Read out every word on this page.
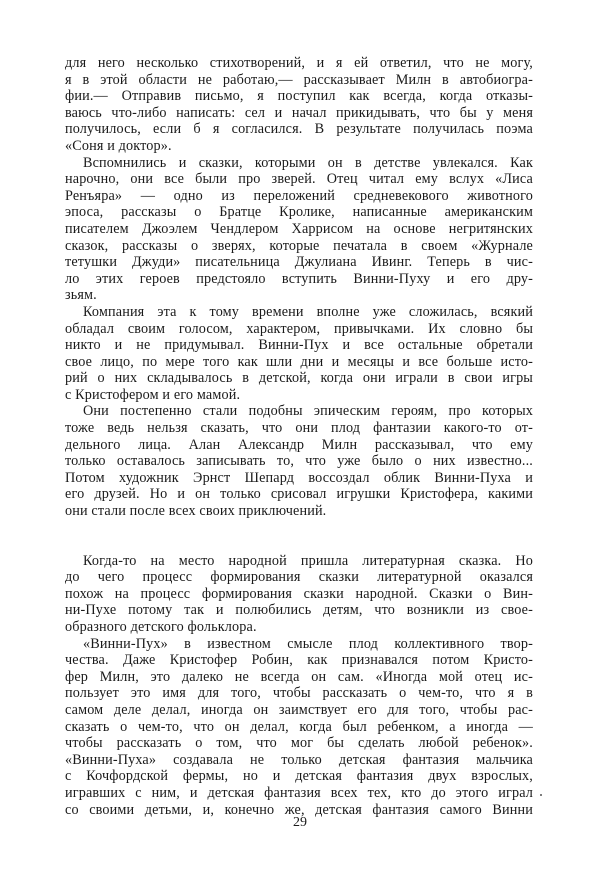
для него несколько стихотворений, и я ей ответил, что не могу,
я в этой области не работаю,— рассказывает Милн в автобиогра-
фии.— Отправив письмо, я поступил как всегда, когда отказы-
ваюсь что-либо написать: сел и начал прикидывать, что бы у меня
получилось, если б я согласился. В результате получилась поэма
«Соня и доктор».
Вспомнились и сказки, которыми он в детстве увлекался. Как
нарочно, они все были про зверей. Отец читал ему вслух «Лиса
Ренъяра» — одно из переложений средневекового животного
эпоса, рассказы о Братце Кролике, написанные американским
писателем Джоэлем Чендлером Харрисом на основе негритянских
сказок, рассказы о зверях, которые печатала в своем «Журнале
тетушки Джуди» писательница Джулиана Ивинг. Теперь в чис-
ло этих героев предстояло вступить Винни-Пуху и его дру-
зьям.
Компания эта к тому времени вполне уже сложилась, всякий
обладал своим голосом, характером, привычками. Их словно бы
никто и не придумывал. Винни-Пух и все остальные обретали
свое лицо, по мере того как шли дни и месяцы и все больше исто-
рий о них складывалось в детской, когда они играли в свои игры
с Кристофером и его мамой.
Они постепенно стали подобны эпическим героям, про которых
тоже ведь нельзя сказать, что они плод фантазии какого-то от-
дельного лица. Алан Александр Милн рассказывал, что ему
только оставалось записывать то, что уже было о них известно...
Потом художник Эрнст Шепард воссоздал облик Винни-Пуха и
его друзей. Но и он только срисовал игрушки Кристофера, какими
они стали после всех своих приключений.
Когда-то на место народной пришла литературная сказка. Но
до чего процесс формирования сказки литературной оказался
похож на процесс формирования сказки народной. Сказки о Вин-
ни-Пухе потому так и полюбились детям, что возникли из свое-
образного детского фольклора.
«Винни-Пух» в известном смысле плод коллективного твор-
чества. Даже Кристофер Робин, как признавался потом Кристо-
фер Милн, это далеко не всегда он сам. «Иногда мой отец ис-
пользует это имя для того, чтобы рассказать о чем-то, что я в
самом деле делал, иногда он заимствует его для того, чтобы рас-
сказать о чем-то, что он делал, когда был ребенком, а иногда —
чтобы рассказать о том, что мог бы сделать любой ребенок».
«Винни-Пуха» создавала не только детская фантазия мальчика
с Кочфордской фермы, но и детская фантазия двух взрослых,
игравших с ним, и детская фантазия всех тех, кто до этого играл
со своими детьми, и, конечно же, детская фантазия самого Винни
29
